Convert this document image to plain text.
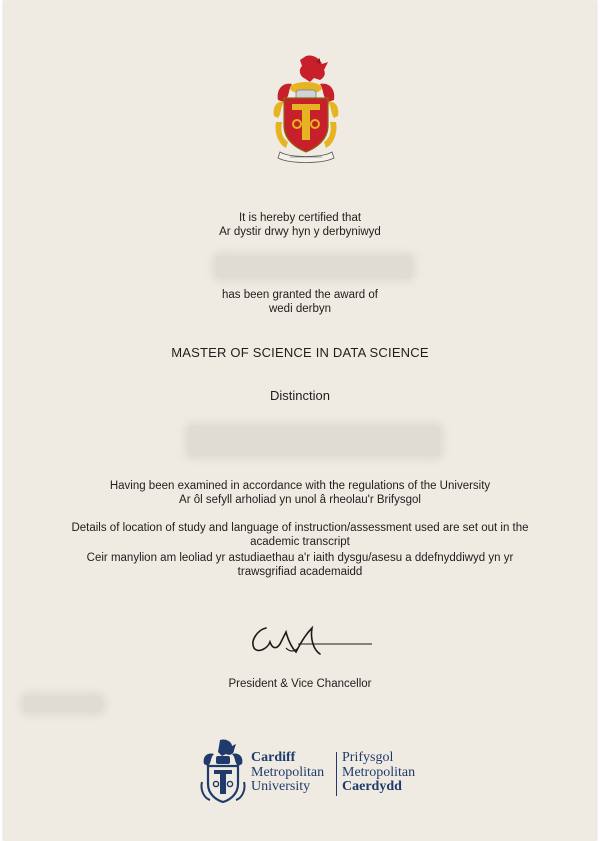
It is hereby certified that
Ar dystir drwy hyn y derbyniwyd
has been granted the award of
wedi derbyn
MASTER OF SCIENCE IN DATA SCIENCE
Distinction
Having been examined in accordance with the regulations of the University
Ar ôl sefyll arholiad yn unol â rheolau'r Brifysgol
Details of location of study and language of instruction/assessment used are set out in the
academic transcript
Ceir manylion am leoliad yr astudiaethau a'r iaith dysgu/asesu a ddefnyddiwyd yn yr
trawsgrifiad academaidd
President & Vice Chancellor
Cardiff
Metropolitan
University
Prifysgol
Metropolitan
Caerdydd
